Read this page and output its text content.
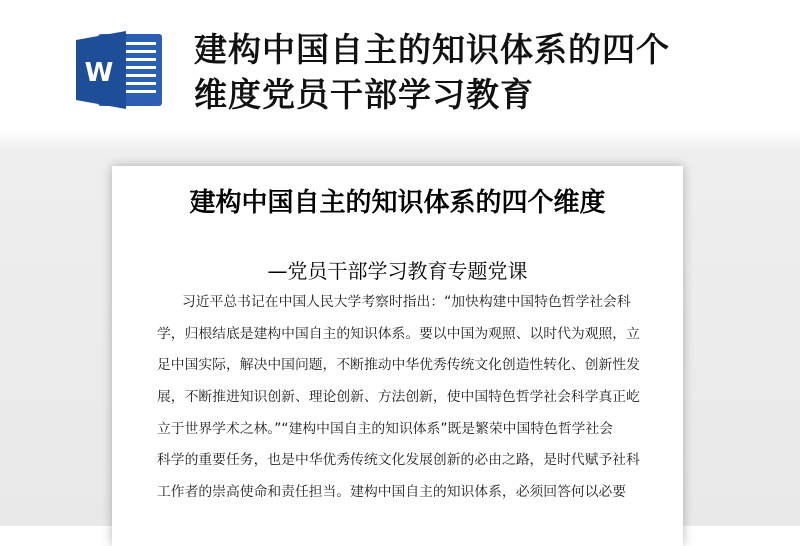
W
建构中国自主的知识体系的四个
维度党员干部学习教育
建构中国自主的知识体系的四个维度

—党员干部学习教育专题党课

习近平总书记在中国人民大学考察时指出：“加快构建中国特色哲学社会科
学，归根结底是建构中国自主的知识体系。要以中国为观照、以时代为观照，立
足中国实际，解决中国问题，不断推动中华优秀传统文化创造性转化、创新性发
展，不断推进知识创新、理论创新、方法创新，使中国特色哲学社会科学真正屹
立于世界学术之林。”“建构中国自主的知识体系”既是繁荣中国特色哲学社会
科学的重要任务，也是中华优秀传统文化发展创新的必由之路，是时代赋予社科
工作者的崇高使命和责任担当。建构中国自主的知识体系，必须回答何以必要
